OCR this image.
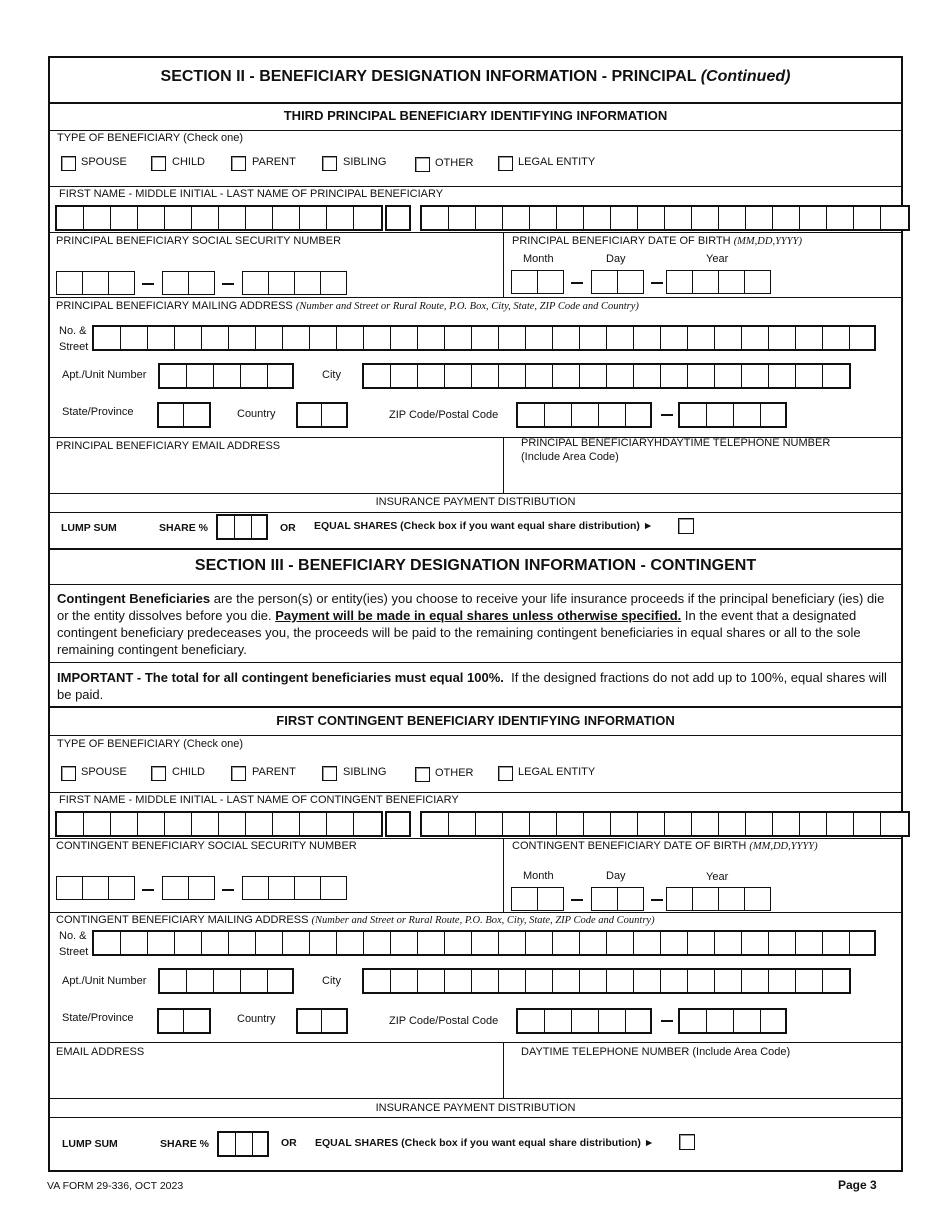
SECTION II - BENEFICIARY DESIGNATION INFORMATION - PRINCIPAL (Continued)
THIRD PRINCIPAL BENEFICIARY IDENTIFYING INFORMATION
TYPE OF BENEFICIARY (Check one)
SPOUSE	CHILD	PARENT	SIBLING	OTHER	LEGAL ENTITY
FIRST NAME - MIDDLE INITIAL - LAST NAME OF PRINCIPAL BENEFICIARY
PRINCIPAL BENEFICIARY SOCIAL SECURITY NUMBER	PRINCIPAL BENEFICIARY DATE OF BIRTH (MM,DD,YYYY)
Month	Day	Year
PRINCIPAL BENEFICIARY MAILING ADDRESS (Number and Street or Rural Route, P.O. Box, City, State, ZIP Code and Country)
No. &
Street
Apt./Unit Number	City
State/Province	Country	ZIP Code/Postal Code
PRINCIPAL BENEFICIARY EMAIL ADDRESS	PRINCIPAL BENEFICIARYHDAYTIME TELEPHONE NUMBER
(Include Area Code)
INSURANCE PAYMENT DISTRIBUTION
LUMP SUM	SHARE %	OR EQUAL SHARES (Check box if you want equal share distribution) ►
SECTION III - BENEFICIARY DESIGNATION INFORMATION - CONTINGENT
Contingent Beneficiaries are the person(s) or entity(ies) you choose to receive your life insurance proceeds if the principal beneficiary (ies) die or the entity dissolves before you die. Payment will be made in equal shares unless otherwise specified. In the event that a designated contingent beneficiary predeceases you, the proceeds will be paid to the remaining contingent beneficiaries in equal shares or all to the sole remaining contingent beneficiary.
IMPORTANT - The total for all contingent beneficiaries must equal 100%.  If the designed fractions do not add up to 100%, equal shares will be paid.
FIRST CONTINGENT BENEFICIARY IDENTIFYING INFORMATION
TYPE OF BENEFICIARY (Check one)
SPOUSE	CHILD	PARENT	SIBLING	OTHER	LEGAL ENTITY
FIRST NAME - MIDDLE INITIAL - LAST NAME OF CONTINGENT BENEFICIARY
CONTINGENT BENEFICIARY SOCIAL SECURITY NUMBER	CONTINGENT BENEFICIARY DATE OF BIRTH (MM,DD,YYYY)
Month	Day	Year
CONTINGENT BENEFICIARY MAILING ADDRESS (Number and Street or Rural Route, P.O. Box, City, State, ZIP Code and Country)
No. &
Street
Apt./Unit Number	City
State/Province	Country	ZIP Code/Postal Code
EMAIL ADDRESS	DAYTIME TELEPHONE NUMBER (Include Area Code)
INSURANCE PAYMENT DISTRIBUTION
LUMP SUM	SHARE %	OR EQUAL SHARES (Check box if you want equal share distribution) ►
VA FORM 29-336, OCT 2023	Page 3
